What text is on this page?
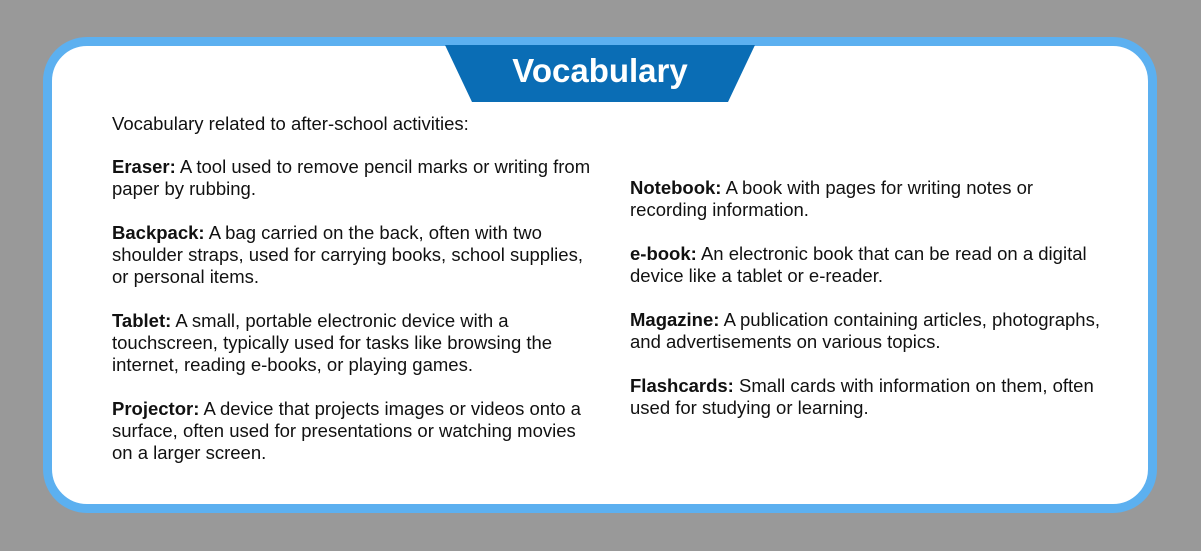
Vocabulary

Vocabulary related to after-school activities:

Eraser: A tool used to remove pencil marks or writing from paper by rubbing.

Backpack: A bag carried on the back, often with two shoulder straps, used for carrying books, school supplies, or personal items.

Tablet: A small, portable electronic device with a touchscreen, typically used for tasks like browsing the internet, reading e-books, or playing games.

Projector: A device that projects images or videos onto a surface, often used for presentations or watching movies on a larger screen.

Notebook: A book with pages for writing notes or recording information.

e-book: An electronic book that can be read on a digital device like a tablet or e-reader.

Magazine: A publication containing articles, photographs, and advertisements on various topics.

Flashcards: Small cards with information on them, often used for studying or learning.
